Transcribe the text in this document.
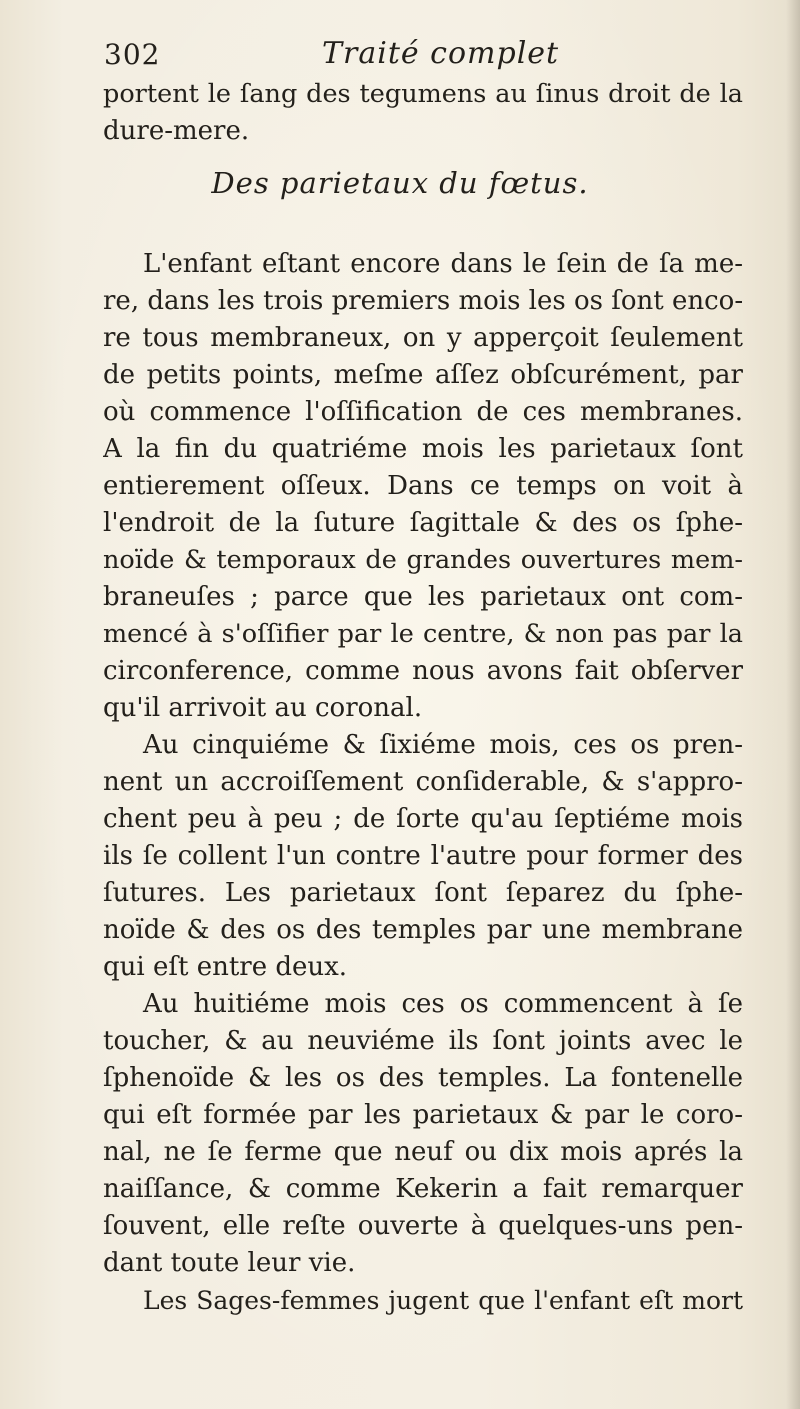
302	Traité complet
portent le ſang des tegumens au ſinus droit de la
dure-mere.
Des parietaux du fœtus.
L'enfant eſtant encore dans le ſein de ſa me-
re, dans les trois premiers mois les os ſont enco-
re tous membraneux, on y apperçoit ſeulement
de petits points, meſme aſſez obſcurément, par
où commence l'oſſification de ces membranes.
A la fin du quatriéme mois les parietaux ſont
entierement oſſeux. Dans ce temps on voit à
l'endroit de la ſuture ſagittale & des os ſphe-
noïde & temporaux de grandes ouvertures mem-
braneuſes ; parce que les parietaux ont com-
mencé à s'oſſifier par le centre, & non pas par la
circonference, comme nous avons fait obſerver
qu'il arrivoit au coronal.
Au cinquiéme & ſixiéme mois, ces os pren-
nent un accroiſſement conſiderable, & s'appro-
chent peu à peu ; de ſorte qu'au ſeptiéme mois
ils ſe collent l'un contre l'autre pour former des
ſutures. Les parietaux ſont ſeparez du ſphe-
noïde & des os des temples par une membrane
qui eſt entre deux.
Au huitiéme mois ces os commencent à ſe
toucher, & au neuviéme ils ſont joints avec le
ſphenoïde & les os des temples. La fontenelle
qui eſt formée par les parietaux & par le coro-
nal, ne ſe ferme que neuf ou dix mois aprés la
naiſſance, & comme Kekerin a fait remarquer
ſouvent, elle reſte ouverte à quelques-uns pen-
dant toute leur vie.
Les Sages-femmes jugent que l'enfant eſt mort
